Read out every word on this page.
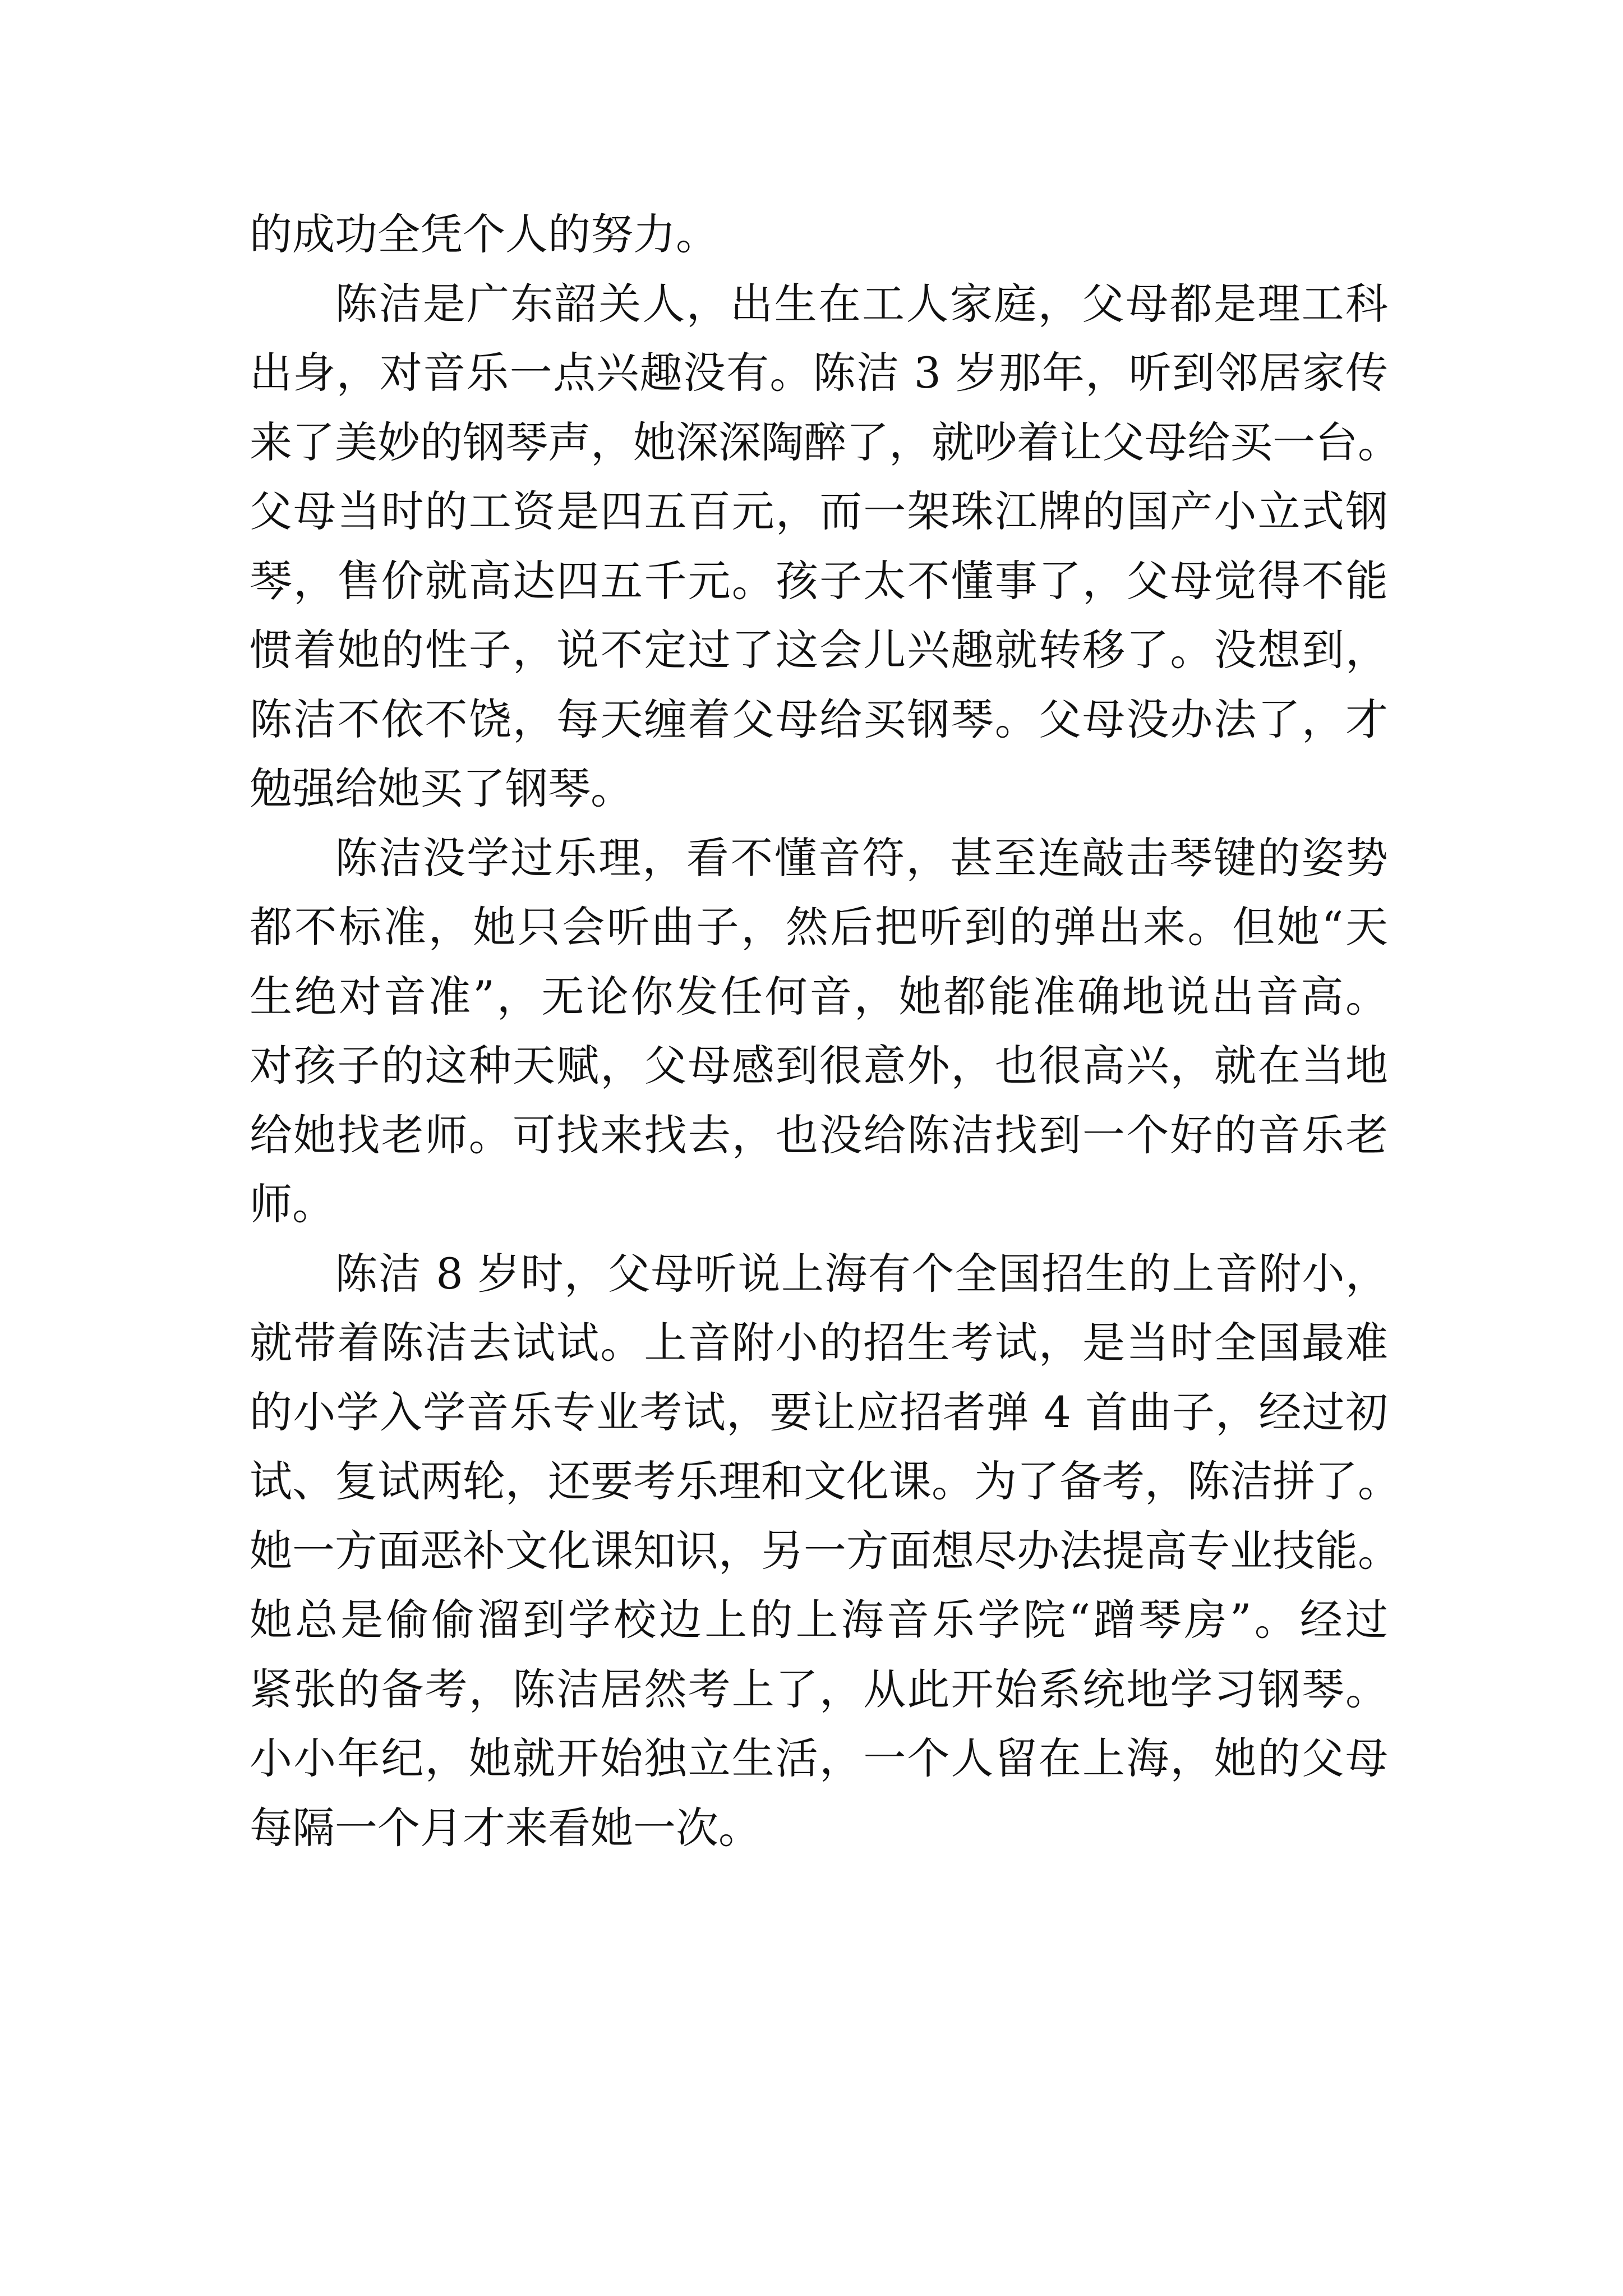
的成功全凭个人的努力。
陈洁是广东韶关人，出生在工人家庭，父母都是理工科
出身，对音乐一点兴趣没有。陈洁 3 岁那年，听到邻居家传
来了美妙的钢琴声，她深深陶醉了，就吵着让父母给买一台。
父母当时的工资是四五百元，而一架珠江牌的国产小立式钢
琴，售价就高达四五千元。孩子太不懂事了，父母觉得不能
惯着她的性子，说不定过了这会儿兴趣就转移了。没想到，
陈洁不依不饶，每天缠着父母给买钢琴。父母没办法了，才
勉强给她买了钢琴。
陈洁没学过乐理，看不懂音符，甚至连敲击琴键的姿势
都不标准，她只会听曲子，然后把听到的弹出来。但她“天
生绝对音准”，无论你发任何音，她都能准确地说出音高。
对孩子的这种天赋，父母感到很意外，也很高兴，就在当地
给她找老师。可找来找去，也没给陈洁找到一个好的音乐老
师。
陈洁 8 岁时，父母听说上海有个全国招生的上音附小，
就带着陈洁去试试。上音附小的招生考试，是当时全国最难
的小学入学音乐专业考试，要让应招者弹 4 首曲子，经过初
试、复试两轮，还要考乐理和文化课。为了备考，陈洁拼了。
她一方面恶补文化课知识，另一方面想尽办法提高专业技能。
她总是偷偷溜到学校边上的上海音乐学院“蹭琴房”。经过
紧张的备考，陈洁居然考上了，从此开始系统地学习钢琴。
小小年纪，她就开始独立生活，一个人留在上海，她的父母
每隔一个月才来看她一次。
